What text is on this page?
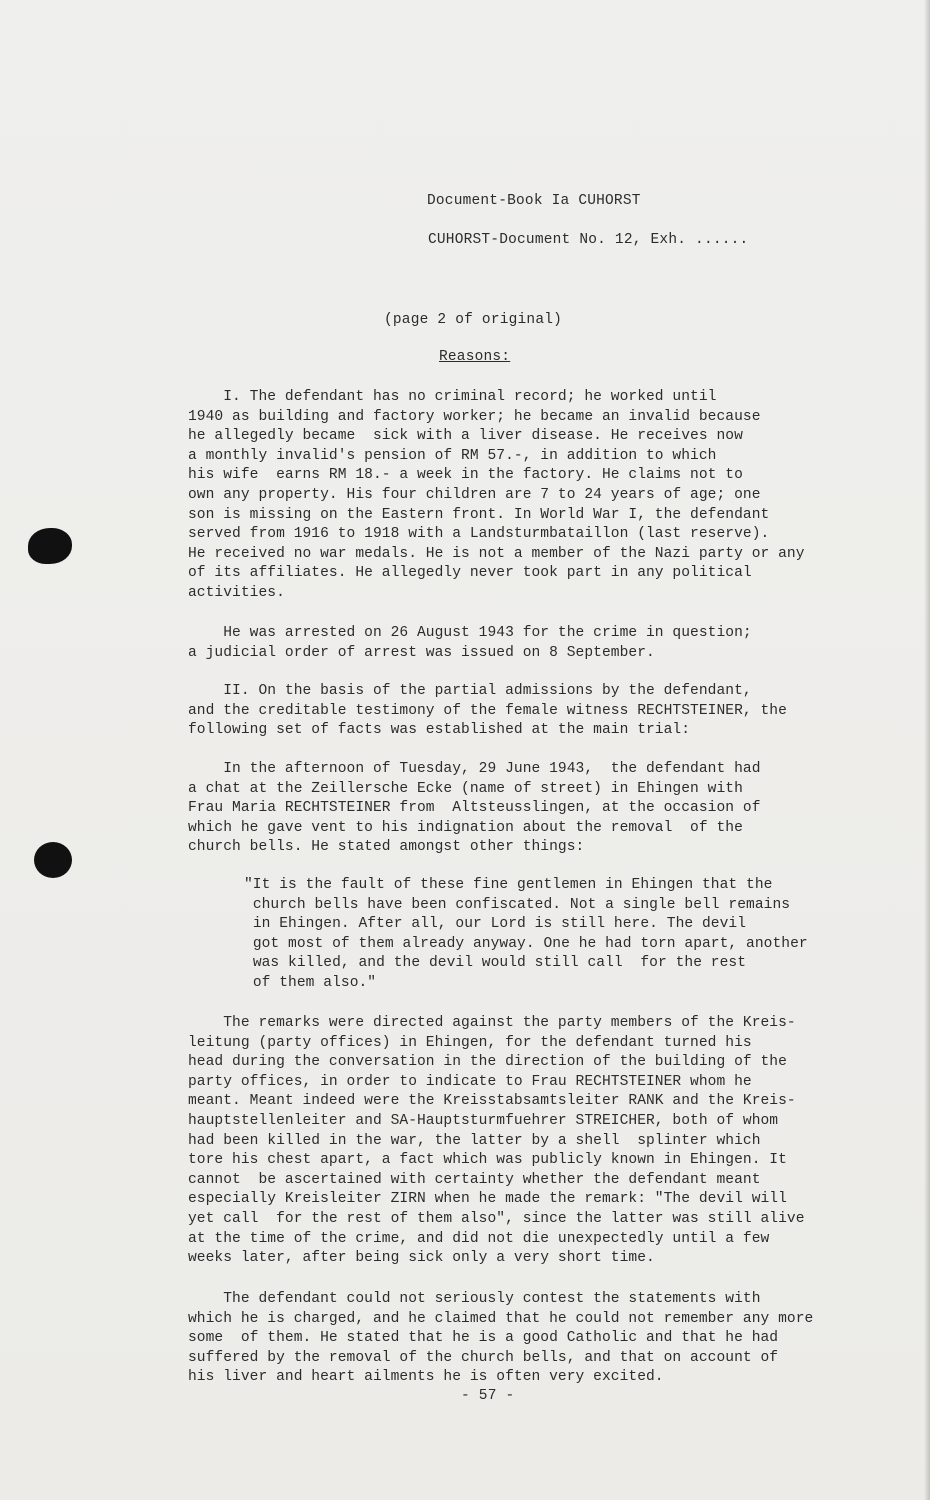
Document-Book Ia CUHORST
CUHORST-Document No. 12, Exh. ......
(page 2 of original)
Reasons:

I. The defendant has no criminal record; he worked until
1940 as building and factory worker; he became an invalid because
he allegedly became  sick with a liver disease. He receives now
a monthly invalid's pension of RM 57.-, in addition to which
his wife  earns RM 18.- a week in the factory. He claims not to
own any property. His four children are 7 to 24 years of age; one
son is missing on the Eastern front. In World War I, the defendant
served from 1916 to 1918 with a Landsturmbataillon (last reserve).
He received no war medals. He is not a member of the Nazi party or any
of its affiliates. He allegedly never took part in any political
activities.

He was arrested on 26 August 1943 for the crime in question;
a judicial order of arrest was issued on 8 September.

II. On the basis of the partial admissions by the defendant,
and the creditable testimony of the female witness RECHTSTEINER, the
following set of facts was established at the main trial:

In the afternoon of Tuesday, 29 June 1943,  the defendant had
a chat at the Zeillersche Ecke (name of street) in Ehingen with
Frau Maria RECHTSTEINER from  Altsteusslingen, at the occasion of
which he gave vent to his indignation about the removal  of the
church bells. He stated amongst other things:

"It is the fault of these fine gentlemen in Ehingen that the
church bells have been confiscated. Not a single bell remains
in Ehingen. After all, our Lord is still here. The devil
got most of them already anyway. One he had torn apart, another
was killed, and the devil would still call  for the rest
of them also."

The remarks were directed against the party members of the Kreis-
leitung (party offices) in Ehingen, for the defendant turned his
head during the conversation in the direction of the building of the
party offices, in order to indicate to Frau RECHTSTEINER whom he
meant. Meant indeed were the Kreisstabsamtsleiter RANK and the Kreis-
hauptstellenleiter and SA-Hauptsturmfuehrer STREICHER, both of whom
had been killed in the war, the latter by a shell  splinter which
tore his chest apart, a fact which was publicly known in Ehingen. It
cannot  be ascertained with certainty whether the defendant meant
especially Kreisleiter ZIRN when he made the remark: "The devil will
yet call  for the rest of them also", since the latter was still alive
at the time of the crime, and did not die unexpectedly until a few
weeks later, after being sick only a very short time.

The defendant could not seriously contest the statements with
which he is charged, and he claimed that he could not remember any more
some  of them. He stated that he is a good Catholic and that he had
suffered by the removal of the church bells, and that on account of
his liver and heart ailments he is often very excited.

- 57 -
